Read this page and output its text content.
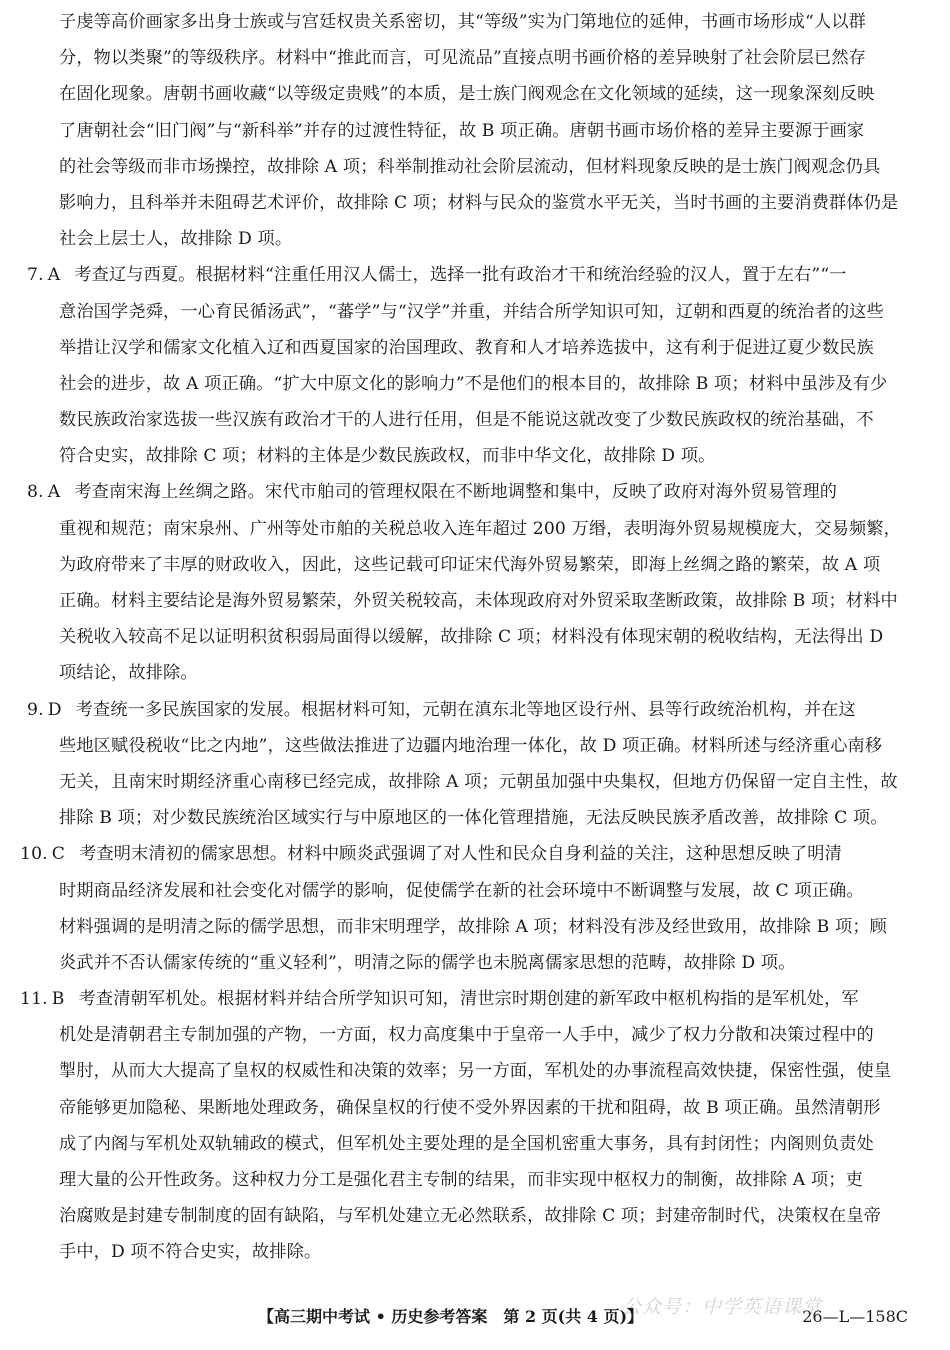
子虔等高价画家多出身士族或与宫廷权贵关系密切，其“等级”实为门第地位的延伸，书画市场形成“人以群
分，物以类聚”的等级秩序。材料中“推此而言，可见流品”直接点明书画价格的差异映射了社会阶层已然存
在固化现象。唐朝书画收藏“以等级定贵贱”的本质，是士族门阀观念在文化领域的延续，这一现象深刻反映
了唐朝社会“旧门阀”与“新科举”并存的过渡性特征，故 B 项正确。唐朝书画市场价格的差异主要源于画家
的社会等级而非市场操控，故排除 A 项；科举制推动社会阶层流动，但材料现象反映的是士族门阀观念仍具
影响力，且科举并未阻碍艺术评价，故排除 C 项；材料与民众的鉴赏水平无关，当时书画的主要消费群体仍是
社会上层士人，故排除 D 项。
7. A 考查辽与西夏。根据材料“注重任用汉人儒士，选择一批有政治才干和统治经验的汉人，置于左右”“一
意治国学尧舜，一心育民循汤武”，“蕃学”与“汉学”并重，并结合所学知识可知，辽朝和西夏的统治者的这些
举措让汉学和儒家文化植入辽和西夏国家的治国理政、教育和人才培养选拔中，这有利于促进辽夏少数民族
社会的进步，故 A 项正确。“扩大中原文化的影响力”不是他们的根本目的，故排除 B 项；材料中虽涉及有少
数民族政治家选拔一些汉族有政治才干的人进行任用，但是不能说这就改变了少数民族政权的统治基础，不
符合史实，故排除 C 项；材料的主体是少数民族政权，而非中华文化，故排除 D 项。
8. A 考查南宋海上丝绸之路。宋代市舶司的管理权限在不断地调整和集中，反映了政府对海外贸易管理的
重视和规范；南宋泉州、广州等处市舶的关税总收入连年超过 200 万缗，表明海外贸易规模庞大，交易频繁，
为政府带来了丰厚的财政收入，因此，这些记载可印证宋代海外贸易繁荣，即海上丝绸之路的繁荣，故 A 项
正确。材料主要结论是海外贸易繁荣，外贸关税较高，未体现政府对外贸采取垄断政策，故排除 B 项；材料中
关税收入较高不足以证明积贫积弱局面得以缓解，故排除 C 项；材料没有体现宋朝的税收结构，无法得出 D
项结论，故排除。
9. D 考查统一多民族国家的发展。根据材料可知，元朝在滇东北等地区设行州、县等行政统治机构，并在这
些地区赋役税收“比之内地”，这些做法推进了边疆内地治理一体化，故 D 项正确。材料所述与经济重心南移
无关，且南宋时期经济重心南移已经完成，故排除 A 项；元朝虽加强中央集权，但地方仍保留一定自主性，故
排除 B 项；对少数民族统治区域实行与中原地区的一体化管理措施，无法反映民族矛盾改善，故排除 C 项。
10. C 考查明末清初的儒家思想。材料中顾炎武强调了对人性和民众自身利益的关注，这种思想反映了明清
时期商品经济发展和社会变化对儒学的影响，促使儒学在新的社会环境中不断调整与发展，故 C 项正确。
材料强调的是明清之际的儒学思想，而非宋明理学，故排除 A 项；材料没有涉及经世致用，故排除 B 项；顾
炎武并不否认儒家传统的“重义轻利”，明清之际的儒学也未脱离儒家思想的范畴，故排除 D 项。
11. B 考查清朝军机处。根据材料并结合所学知识可知，清世宗时期创建的新军政中枢机构指的是军机处，军
机处是清朝君主专制加强的产物，一方面，权力高度集中于皇帝一人手中，减少了权力分散和决策过程中的
掣肘，从而大大提高了皇权的权威性和决策的效率；另一方面，军机处的办事流程高效快捷，保密性强，使皇
帝能够更加隐秘、果断地处理政务，确保皇权的行使不受外界因素的干扰和阻碍，故 B 项正确。虽然清朝形
成了内阁与军机处双轨辅政的模式，但军机处主要处理的是全国机密重大事务，具有封闭性；内阁则负责处
理大量的公开性政务。这种权力分工是强化君主专制的结果，而非实现中枢权力的制衡，故排除 A 项；吏
治腐败是封建专制制度的固有缺陷，与军机处建立无必然联系，故排除 C 项；封建帝制时代，决策权在皇帝
手中，D 项不符合史实，故排除。
公众号：中学英语课堂
【高三期中考试 • 历史参考答案　第 2 页(共 4 页)】	26—L—158C
